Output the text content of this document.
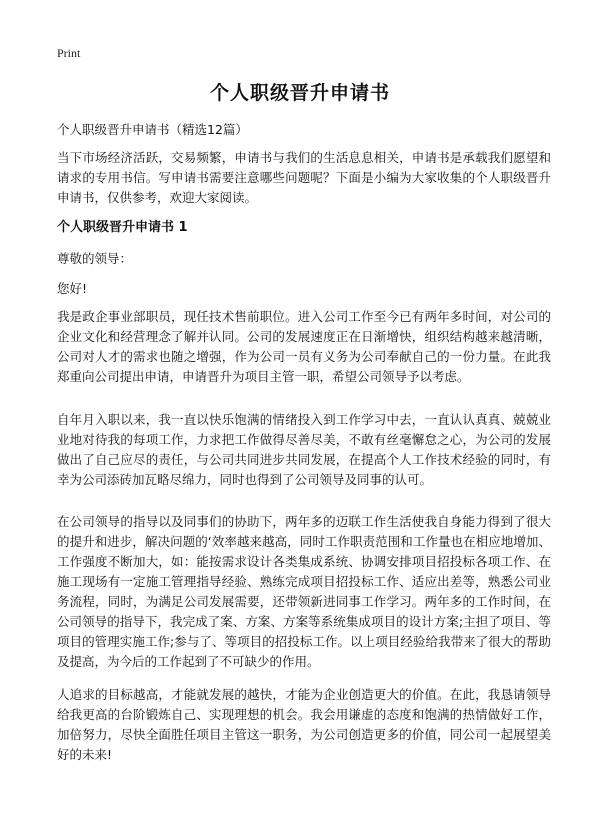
Print
个人职级晋升申请书
个人职级晋升申请书（精选12篇）
当下市场经济活跃，交易频繁，申请书与我们的生活息息相关，申请书是承载我们愿望和请求的专用书信。写申请书需要注意哪些问题呢？下面是小编为大家收集的个人职级晋升申请书，仅供参考，欢迎大家阅读。
个人职级晋升申请书 1
尊敬的领导：
您好!
我是政企事业部职员，现任技术售前职位。进入公司工作至今已有两年多时间，对公司的企业文化和经营理念了解并认同。公司的发展速度正在日渐增快，组织结构越来越清晰，公司对人才的需求也随之增强，作为公司一员有义务为公司奉献自己的一份力量。在此我郑重向公司提出申请，申请晋升为项目主管一职，希望公司领导予以考虑。
自年月入职以来，我一直以快乐饱满的情绪投入到工作学习中去，一直认认真真、兢兢业业地对待我的每项工作，力求把工作做得尽善尽美，不敢有丝毫懈怠之心，为公司的发展做出了自己应尽的责任，与公司共同进步共同发展，在提高个人工作技术经验的同时，有幸为公司添砖加瓦略尽绵力，同时也得到了公司领导及同事的认可。
在公司领导的指导以及同事们的协助下，两年多的迈联工作生活使我自身能力得到了很大的提升和进步，解决问题的‘效率越来越高，同时工作职责范围和工作量也在相应地增加、工作强度不断加大，如：能按需求设计各类集成系统、协调安排项目招投标各项工作、在施工现场有一定施工管理指导经验、熟练完成项目招投标工作、适应出差等，熟悉公司业务流程，同时，为满足公司发展需要，还带领新进同事工作学习。两年多的工作时间，在公司领导的指导下，我完成了案、方案、方案等系统集成项目的设计方案;主担了项目、等项目的管理实施工作;参与了、等项目的招投标工作。以上项目经验给我带来了很大的帮助及提高，为今后的工作起到了不可缺少的作用。
人追求的目标越高，才能就发展的越快，才能为企业创造更大的价值。在此，我恳请领导给我更高的台阶锻炼自己、实现理想的机会。我会用谦虚的态度和饱满的热情做好工作，加倍努力，尽快全面胜任项目主管这一职务，为公司创造更多的价值，同公司一起展望美好的未来!
